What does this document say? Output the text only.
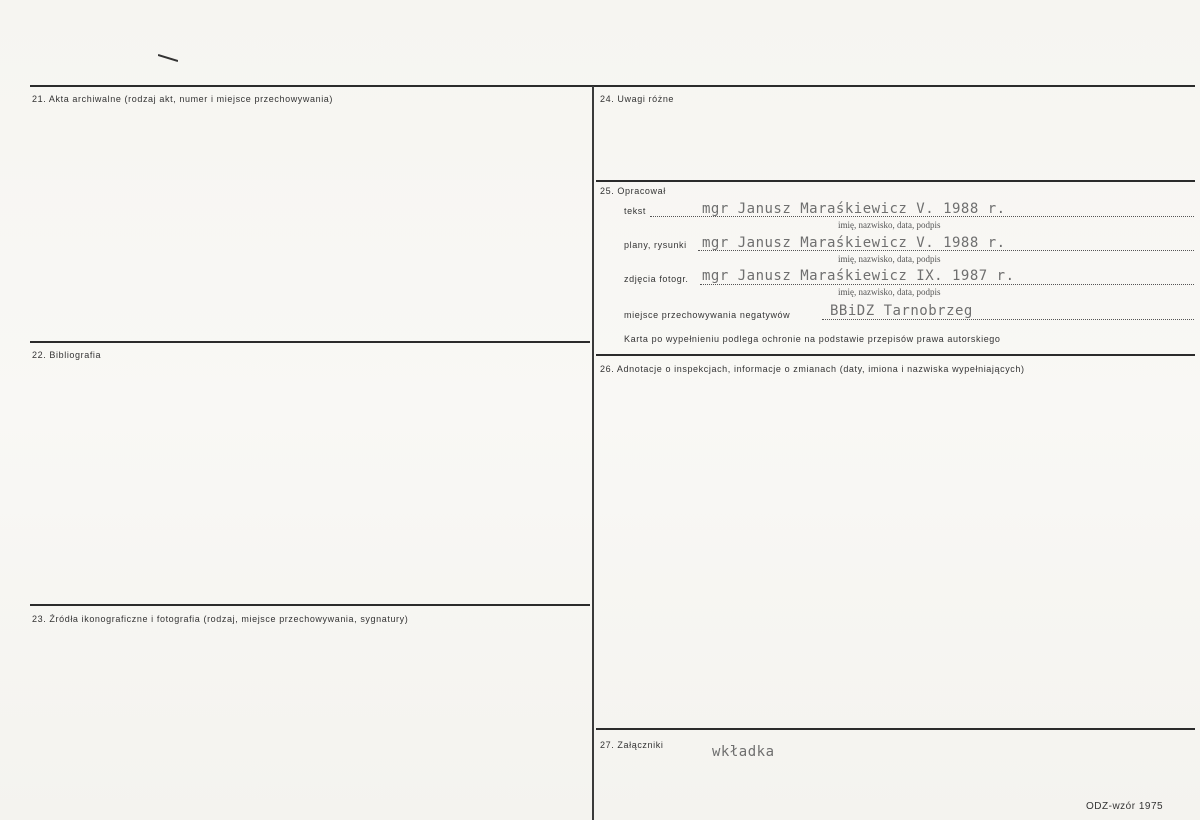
21. Akta archiwalne (rodzaj akt, numer i miejsce przechowywania)
22. Bibliografia
23. Źródła ikonograficzne i fotografia (rodzaj, miejsce przechowywania, sygnatury)
24. Uwagi różne
25. Opracował
tekst	mgr Janusz Maraśkiewicz V. 1988 r.
imię, nazwisko, data, podpis
plany, rysunki mgr Janusz Maraśkiewicz V. 1988 r.
imię, nazwisko, data, podpis
zdjęcia fotogr. mgr Janusz Maraśkiewicz IX. 1987 r.
imię, nazwisko, data, podpis
miejsce przechowywania negatywów	BBiDZ Tarnobrzeg
Karta po wypełnieniu podlega ochronie na podstawie przepisów prawa autorskiego
26. Adnotacje o inspekcjach, informacje o zmianach (daty, imiona i nazwiska wypełniających)
27. Załączniki	wkładka
ODZ-wzór 1975
